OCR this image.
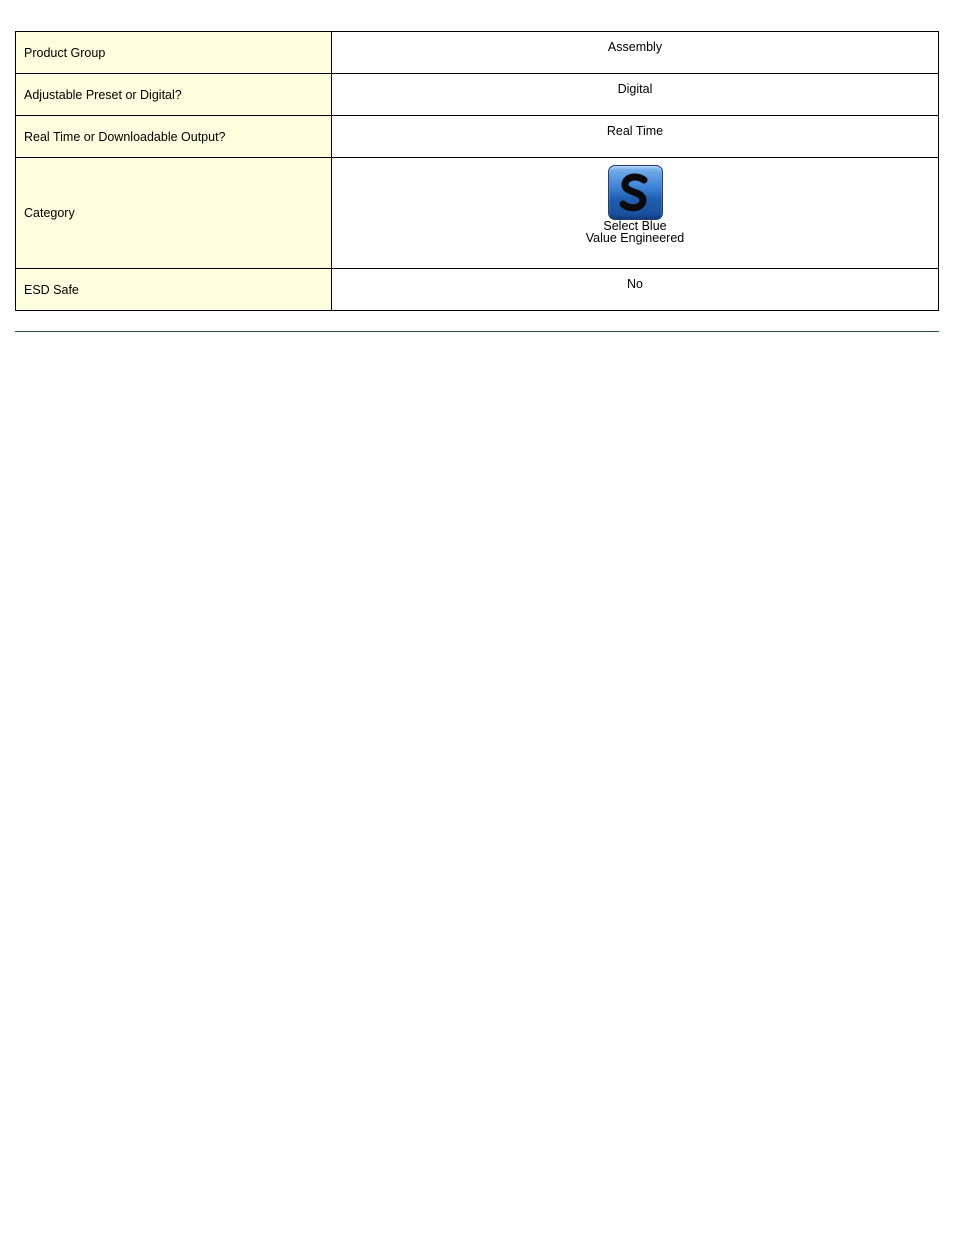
Product Group	Assembly

Adjustable Preset or Digital?	Digital

Real Time or Downloadable Output?	Real Time

Category	Select Blue
Value Engineered

ESD Safe	No
